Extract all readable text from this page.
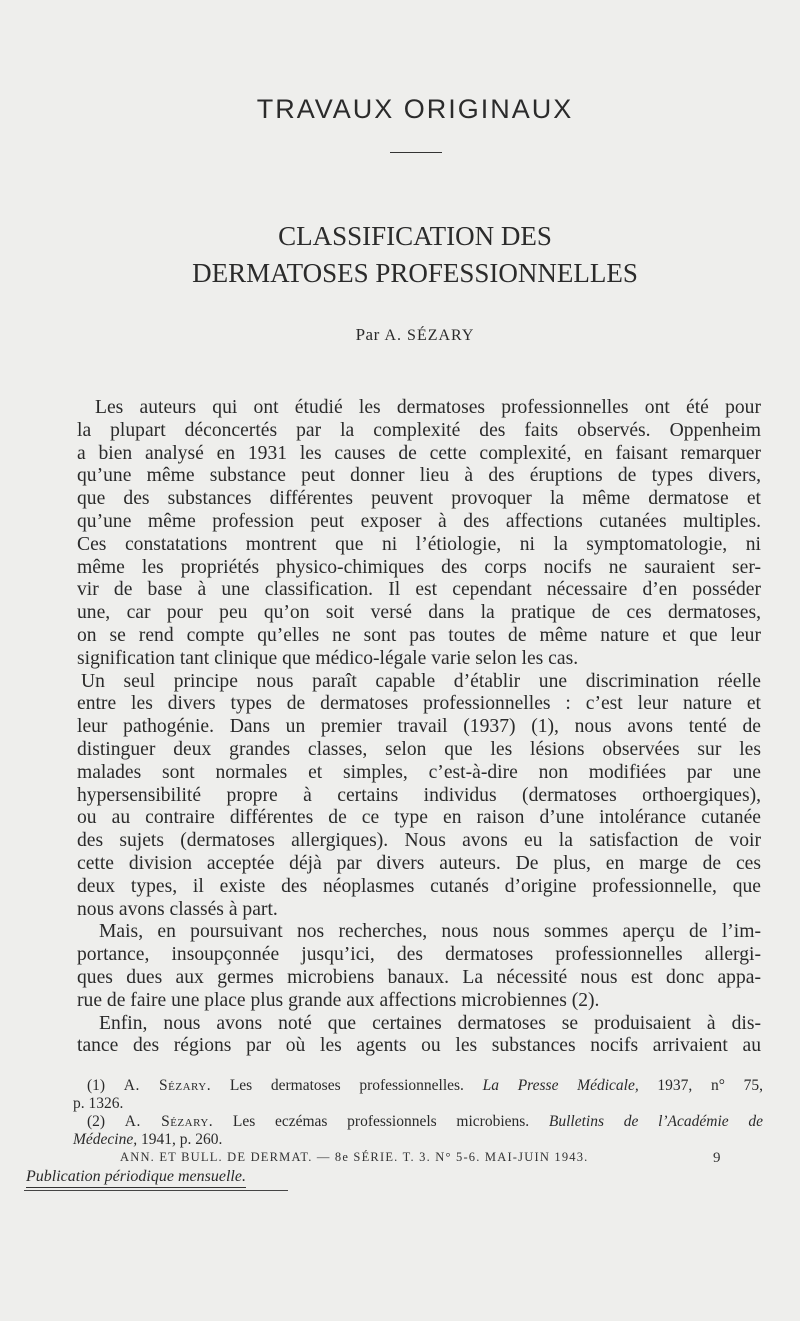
TRAVAUX ORIGINAUX
CLASSIFICATION DES
DERMATOSES PROFESSIONNELLES
Par A. SÉZARY
Les auteurs qui ont étudié les dermatoses professionnelles ont été pour
la plupart déconcertés par la complexité des faits observés. Oppenheim
a bien analysé en 1931 les causes de cette complexité, en faisant remarquer
qu’une même substance peut donner lieu à des éruptions de types divers,
que des substances différentes peuvent provoquer la même dermatose et
qu’une même profession peut exposer à des affections cutanées multiples.
Ces constatations montrent que ni l’étiologie, ni la symptomatologie, ni
même les propriétés physico-chimiques des corps nocifs ne sauraient ser-
vir de base à une classification. Il est cependant nécessaire d’en posséder
une, car pour peu qu’on soit versé dans la pratique de ces dermatoses,
on se rend compte qu’elles ne sont pas toutes de même nature et que leur
signification tant clinique que médico-légale varie selon les cas.
Un seul principe nous paraît capable d’établir une discrimination réelle
entre les divers types de dermatoses professionnelles : c’est leur nature et
leur pathogénie. Dans un premier travail (1937) (1), nous avons tenté de
distinguer deux grandes classes, selon que les lésions observées sur les
malades sont normales et simples, c’est-à-dire non modifiées par une
hypersensibilité propre à certains individus (dermatoses orthoergiques),
ou au contraire différentes de ce type en raison d’une intolérance cutanée
des sujets (dermatoses allergiques). Nous avons eu la satisfaction de voir
cette division acceptée déjà par divers auteurs. De plus, en marge de ces
deux types, il existe des néoplasmes cutanés d’origine professionnelle, que
nous avons classés à part.
Mais, en poursuivant nos recherches, nous nous sommes aperçu de l’im-
portance, insoupçonnée jusqu’ici, des dermatoses professionnelles allergi-
ques dues aux germes microbiens banaux. La nécessité nous est donc appa-
rue de faire une place plus grande aux affections microbiennes (2).
Enfin, nous avons noté que certaines dermatoses se produisaient à dis-
tance des régions par où les agents ou les substances nocifs arrivaient au
(1) A. Sézary. Les dermatoses professionnelles. La Presse Médicale, 1937, n° 75,
p. 1326.
(2) A. Sézary. Les eczémas professionnels microbiens. Bulletins de l’Académie de
Médecine, 1941, p. 260.
ANN. ET BULL. DE DERMAT. — 8e SÉRIE. T. 3. N° 5-6. MAI-JUIN 1943.	9
Publication périodique mensuelle.
